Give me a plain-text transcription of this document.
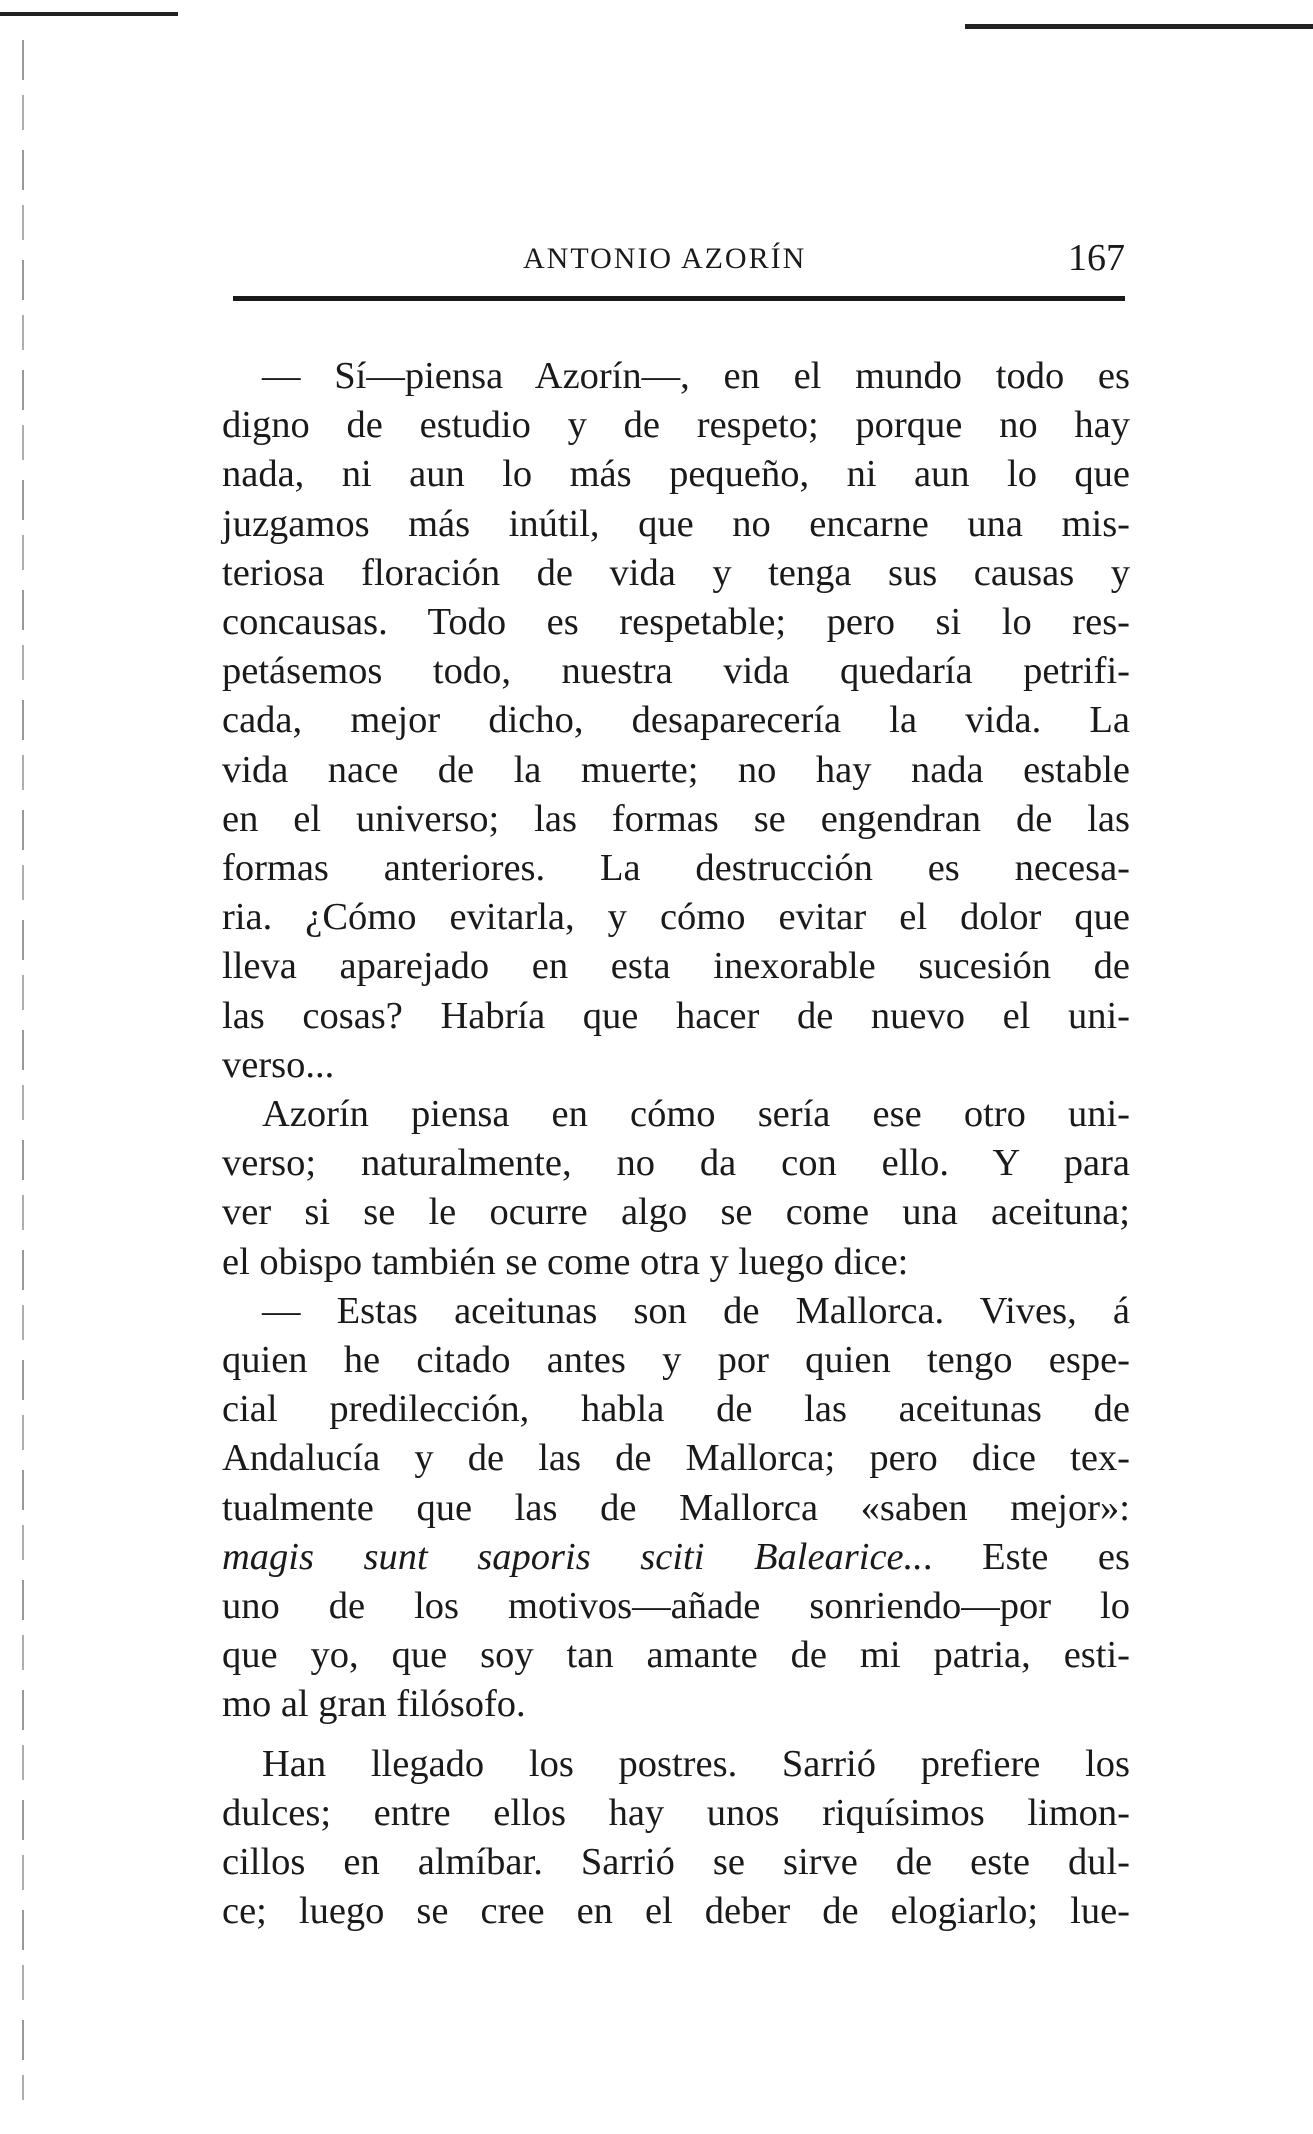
ANTONIO AZORÍN	167
— Sí—piensa Azorín—, en el mundo todo es
digno de estudio y de respeto; porque no hay
nada, ni aun lo más pequeño, ni aun lo que
juzgamos más inútil, que no encarne una mis-
teriosa floración de vida y tenga sus causas y
concausas. Todo es respetable; pero si lo res-
petásemos todo, nuestra vida quedaría petrifi-
cada, mejor dicho, desaparecería la vida. La
vida nace de la muerte; no hay nada estable
en el universo; las formas se engendran de las
formas anteriores. La destrucción es necesa-
ria. ¿Cómo evitarla, y cómo evitar el dolor que
lleva aparejado en esta inexorable sucesión de
las cosas? Habría que hacer de nuevo el uni-
verso...
Azorín piensa en cómo sería ese otro uni-
verso; naturalmente, no da con ello. Y para
ver si se le ocurre algo se come una aceituna;
el obispo también se come otra y luego dice:
— Estas aceitunas son de Mallorca. Vives, á
quien he citado antes y por quien tengo espe-
cial predilección, habla de las aceitunas de
Andalucía y de las de Mallorca; pero dice tex-
tualmente que las de Mallorca «saben mejor»:
magis sunt saporis sciti Balearice... Este es
uno de los motivos—añade sonriendo—por lo
que yo, que soy tan amante de mi patria, esti-
mo al gran filósofo.
Han llegado los postres. Sarrió prefiere los
dulces; entre ellos hay unos riquísimos limon-
cillos en almíbar. Sarrió se sirve de este dul-
ce; luego se cree en el deber de elogiarlo; lue-
